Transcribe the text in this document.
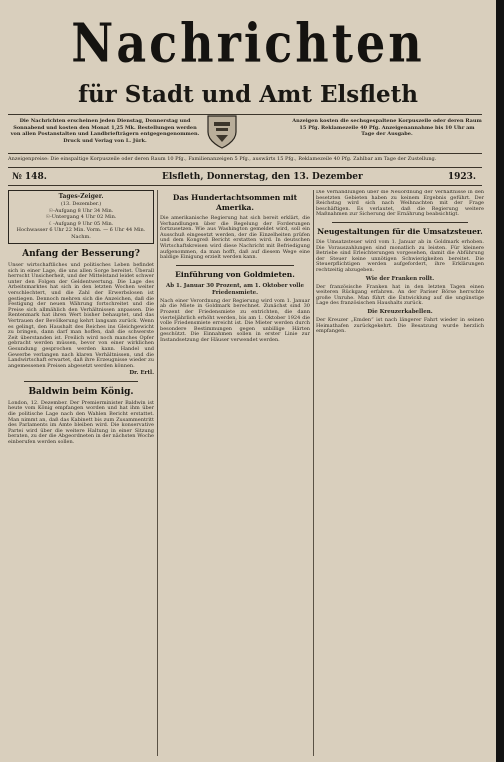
Nachrichten
für Stadt und Amt Elsfleth
Die Nachrichten erscheinen jeden Dienstag, Donnerstag und Sonnabend und kosten den Monat 1,25 Mk. Bestellungen werden von allen Postanstalten und Landbriefträgern entgegengenommen. Druck und Verlag von L. Jürk.
Anzeigen kosten die sechsgespaltene Korpuszeile oder deren Raum 15 Pfg. Reklamezeile 40 Pfg. Anzeigenannahme bis 10 Uhr am Tage der Ausgabe.
Anzeigenpreise: Die einspaltige Korpuszeile oder deren Raum 10 Pfg., Familienanzeigen 5 Pfg., auswärts 15 Pfg., Reklamezeile 40 Pfg. Zahlbar am Tage der Zustellung.
№ 148.	Elsfleth, Donnerstag, den 13. Dezember	1923.
Tages-Zeiger.
(13. Dezember.)
☉-Aufgang 8 Uhr 34 Min.
☉-Untergang 4 Uhr 02 Min.
☾-Aufgang 9 Uhr 05 Min.
Hochwasser 6 Uhr 22 Min. Vorm. — 6 Uhr 44 Min. Nachm.
Anfang der Besserung?

Unser wirtschaftliches und politisches Leben befindet sich in einer Lage, die uns allen Sorge bereitet. Überall herrscht Unsicherheit, und der Mittelstand leidet schwer unter den Folgen der Geldentwertung. Die Lage des Arbeitsmarktes hat sich in den letzten Wochen weiter verschlechtert, und die Zahl der Erwerbslosen ist gestiegen. Dennoch mehren sich die Anzeichen, daß die Festigung der neuen Währung fortschreitet und die Preise sich allmählich den Verhältnissen anpassen. Die Rentenmark hat ihren Wert bisher behauptet, und das Vertrauen der Bevölkerung kehrt langsam zurück. Wenn es gelingt, den Haushalt des Reiches ins Gleichgewicht zu bringen, dann darf man hoffen, daß die schwerste Zeit überstanden ist. Freilich wird noch manches Opfer gebracht werden müssen, bevor von einer wirklichen Gesundung gesprochen werden kann. Handel und Gewerbe verlangen nach klaren Verhältnissen, und die Landwirtschaft erwartet, daß ihre Erzeugnisse wieder zu angemessenen Preisen abgesetzt werden können.

Dr. Ertl.
Baldwin beim König.

London, 12. Dezember. Der Premierminister Baldwin ist heute vom König empfangen worden und hat ihm über die politische Lage nach den Wahlen Bericht erstattet. Man nimmt an, daß das Kabinett bis zum Zusammentritt des Parlaments im Amte bleiben wird. Die konservative Partei wird über die weitere Haltung in einer Sitzung beraten, zu der die Abgeordneten in der nächsten Woche einberufen werden sollen.

Das Hundertachtsommen mit Amerika.

Die amerikanische Regierung hat sich bereit erklärt, die Verhandlungen über die Regelung der Forderungen fortzusetzen. Wie aus Washington gemeldet wird, soll ein Ausschuß eingesetzt werden, der die Einzelheiten prüfen und dem Kongreß Bericht erstatten wird. In deutschen Wirtschaftskreisen wird diese Nachricht mit Befriedigung aufgenommen, da man hofft, daß auf diesem Wege eine baldige Einigung erzielt werden kann.

Einführung von Goldmieten.
Ab 1. Januar 30 Prozent, am 1. Oktober volle Friedensmiete.

Nach einer Verordnung der Regierung wird vom 1. Januar ab die Miete in Goldmark berechnet. Zunächst sind 30 Prozent der Friedensmiete zu entrichten, die dann vierteljährlich erhöht werden, bis am 1. Oktober 1924 die volle Friedensmiete erreicht ist. Die Mieter werden durch besondere Bestimmungen gegen unbillige Härten geschützt. Die Einnahmen sollen in erster Linie zur Instandsetzung der Häuser verwendet werden.

Die Verhandlungen über die Neuordnung der Verhältnisse in den besetzten Gebieten haben zu keinem Ergebnis geführt. Der Reichstag wird sich nach Weihnachten mit der Frage beschäftigen. Es verlautet, daß die Regierung weitere Maßnahmen zur Sicherung der Ernährung beabsichtigt.

Neugestaltungen für die Umsatzsteuer.

Die Umsatzsteuer wird vom 1. Januar ab in Goldmark erhoben. Die Vorauszahlungen sind monatlich zu leisten. Für kleinere Betriebe sind Erleichterungen vorgesehen, damit die Abführung der Steuer keine unnötigen Schwierigkeiten bereitet. Die Steuerpflichtigen werden aufgefordert, ihre Erklärungen rechtzeitig abzugeben.

Wie der Franken rollt.

Der französische Franken hat in den letzten Tagen einen weiteren Rückgang erfahren. An der Pariser Börse herrschte große Unruhe. Man führt die Entwicklung auf die ungünstige Lage des französischen Haushalts zurück.

Die Kreuzerkabellen.

Der Kreuzer „Emden“ ist nach längerer Fahrt wieder in seinen Heimathafen zurückgekehrt. Die Besatzung wurde herzlich empfangen.
